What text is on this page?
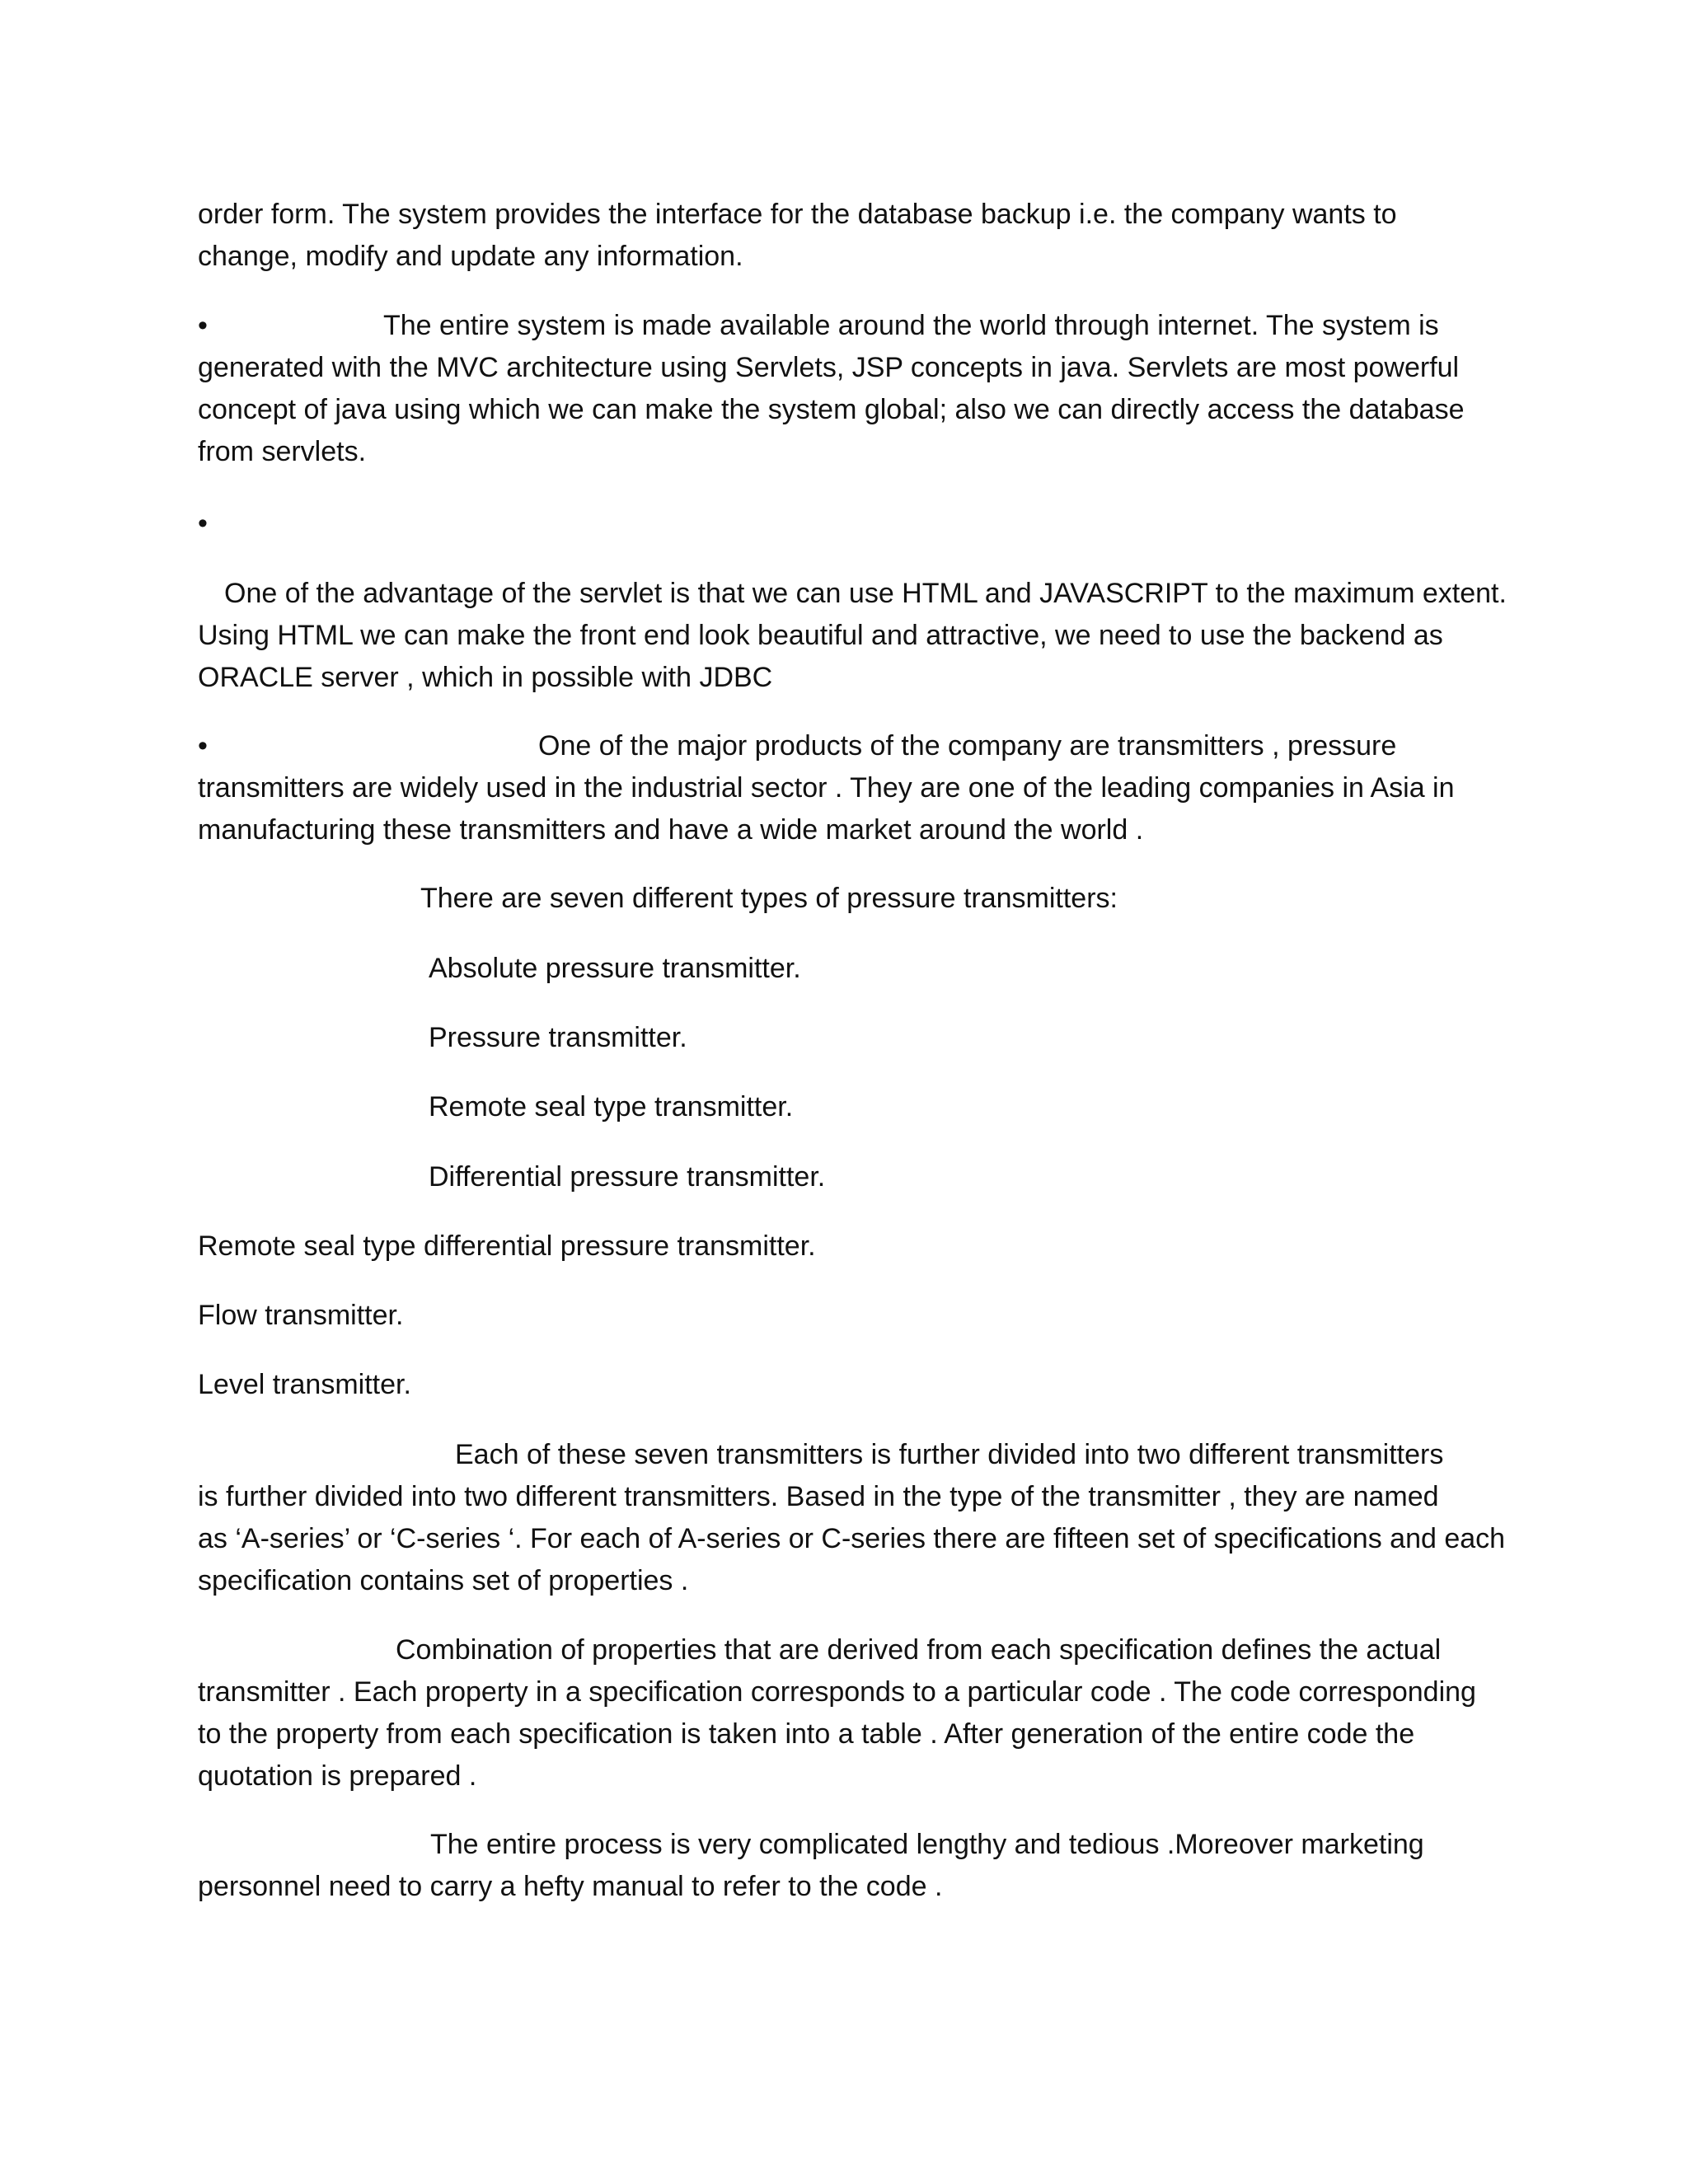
order form. The system provides the interface for the database backup i.e. the company wants to

change, modify and update any information.

•	The entire system is made available around the world through internet. The system is

generated with the MVC architecture using Servlets, JSP concepts in java. Servlets are most powerful

concept of java using which we can make the system global; also we can directly access the database

from servlets.

•

One of the advantage of the servlet is that we can use HTML and JAVASCRIPT to the maximum extent.

Using HTML we can make the front end look beautiful and attractive, we need to use the backend as

ORACLE server , which in possible with JDBC

•	One of the major products of the company are transmitters , pressure

transmitters are widely used in the industrial sector . They are one of the leading companies in Asia in

manufacturing these transmitters and have a wide market around the world .

There are seven different types of pressure transmitters:

Absolute pressure transmitter.

Pressure transmitter.

Remote seal type transmitter.

Differential pressure transmitter.

Remote seal type differential pressure transmitter.

Flow transmitter.

Level transmitter.

Each of these seven transmitters is further divided into two different transmitters

is further divided into two different transmitters. Based in the type of the transmitter , they are named

as ‘A-series’ or ‘C-series ‘. For each of A-series or C-series there are fifteen set of specifications and each

specification contains set of properties .

Combination of properties that are derived from each specification defines the actual

transmitter . Each property in a specification corresponds to a particular code . The code corresponding

to the property from each specification is taken into a table . After generation of the entire code the

quotation is prepared .

The entire process is very complicated lengthy and tedious .Moreover marketing

personnel need to carry a hefty manual to refer to the code .
